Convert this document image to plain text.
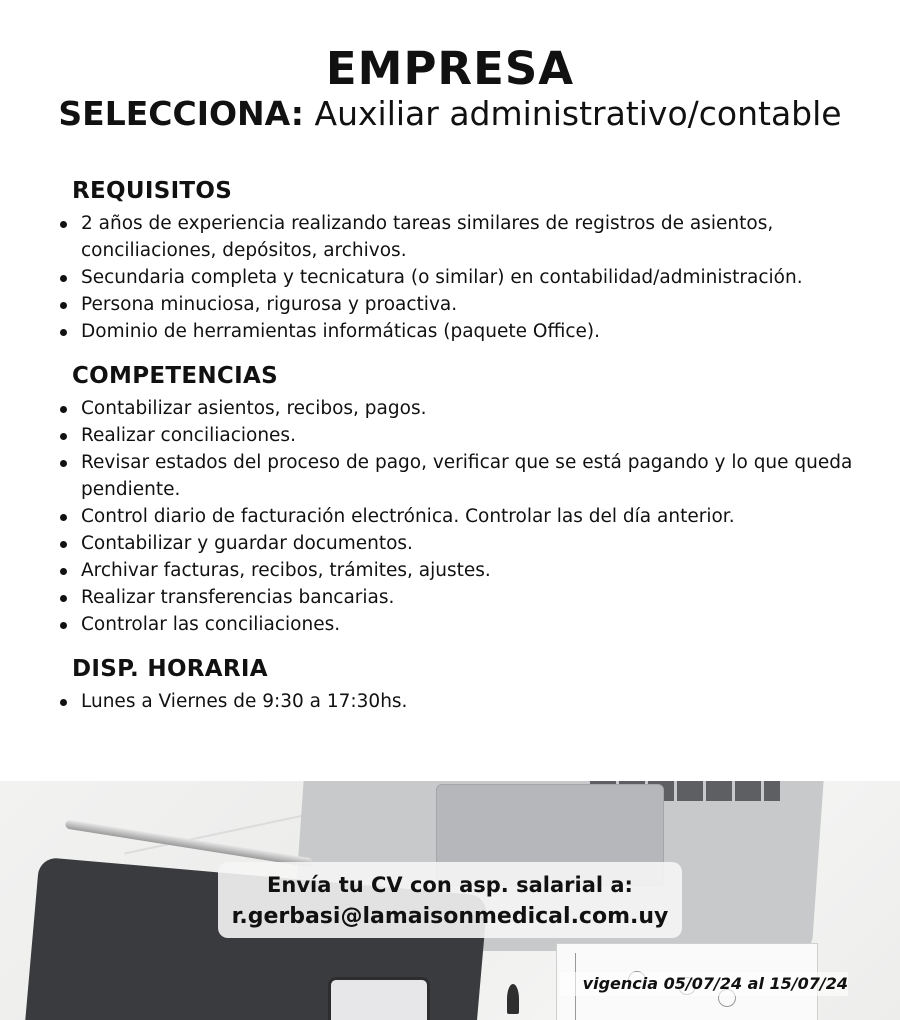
EMPRESA
SELECCIONA: Auxiliar administrativo/contable
REQUISITOS
2 años de experiencia realizando tareas similares de registros de asientos, conciliaciones, depósitos, archivos.
Secundaria completa y tecnicatura (o similar) en contabilidad/administración.
Persona minuciosa, rigurosa y proactiva.
Dominio de herramientas informáticas (paquete Office).
COMPETENCIAS
Contabilizar asientos, recibos, pagos.
Realizar conciliaciones.
Revisar estados del proceso de pago, verificar que se está pagando y lo que queda pendiente.
Control diario de facturación electrónica. Controlar las del día anterior.
Contabilizar y guardar documentos.
Archivar facturas, recibos, trámites, ajustes.
Realizar transferencias bancarias.
Controlar las conciliaciones.
DISP. HORARIA
Lunes a Viernes de 9:30 a 17:30hs.
Envía tu CV con asp. salarial a:
r.gerbasi@lamaisonmedical.com.uy
vigencia 05/07/24 al 15/07/24
